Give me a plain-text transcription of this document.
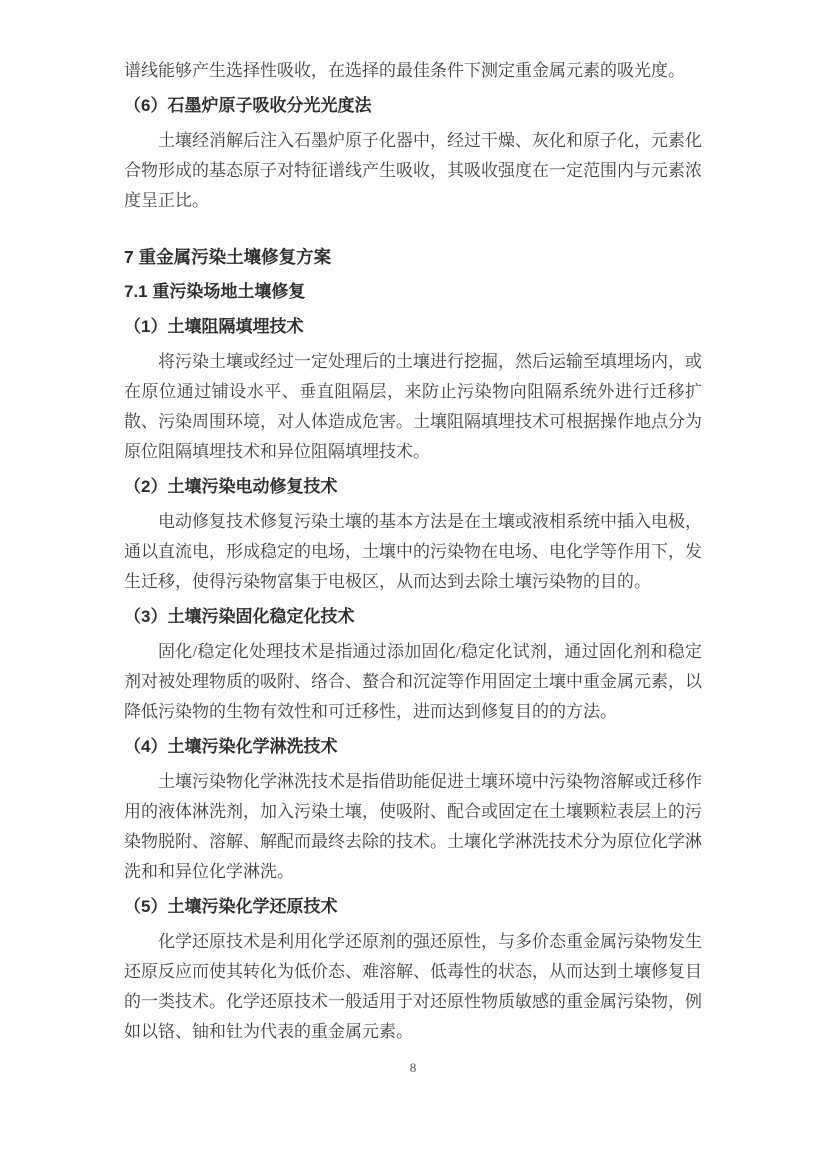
谱线能够产生选择性吸收，在选择的最佳条件下测定重金属元素的吸光度。

（6）石墨炉原子吸收分光光度法

土壤经消解后注入石墨炉原子化器中，经过干燥、灰化和原子化，元素化合物形成的基态原子对特征谱线产生吸收，其吸收强度在一定范围内与元素浓度呈正比。

7 重金属污染土壤修复方案
7.1 重污染场地土壤修复
（1）土壤阻隔填埋技术

将污染土壤或经过一定处理后的土壤进行挖掘，然后运输至填埋场内，或在原位通过铺设水平、垂直阻隔层，来防止污染物向阻隔系统外进行迁移扩散、污染周围环境，对人体造成危害。土壤阻隔填埋技术可根据操作地点分为原位阻隔填埋技术和异位阻隔填埋技术。

（2）土壤污染电动修复技术

电动修复技术修复污染土壤的基本方法是在土壤或液相系统中插入电极，通以直流电，形成稳定的电场，土壤中的污染物在电场、电化学等作用下，发生迁移，使得污染物富集于电极区，从而达到去除土壤污染物的目的。

（3）土壤污染固化稳定化技术

固化/稳定化处理技术是指通过添加固化/稳定化试剂，通过固化剂和稳定剂对被处理物质的吸附、络合、螯合和沉淀等作用固定土壤中重金属元素，以降低污染物的生物有效性和可迁移性，进而达到修复目的的方法。

（4）土壤污染化学淋洗技术

土壤污染物化学淋洗技术是指借助能促进土壤环境中污染物溶解或迁移作用的液体淋洗剂，加入污染土壤，使吸附、配合或固定在土壤颗粒表层上的污染物脱附、溶解、解配而最终去除的技术。土壤化学淋洗技术分为原位化学淋洗和和异位化学淋洗。

（5）土壤污染化学还原技术

化学还原技术是利用化学还原剂的强还原性，与多价态重金属污染物发生还原反应而使其转化为低价态、难溶解、低毒性的状态，从而达到土壤修复目的一类技术。化学还原技术一般适用于对还原性物质敏感的重金属污染物，例如以铬、铀和钍为代表的重金属元素。

8
